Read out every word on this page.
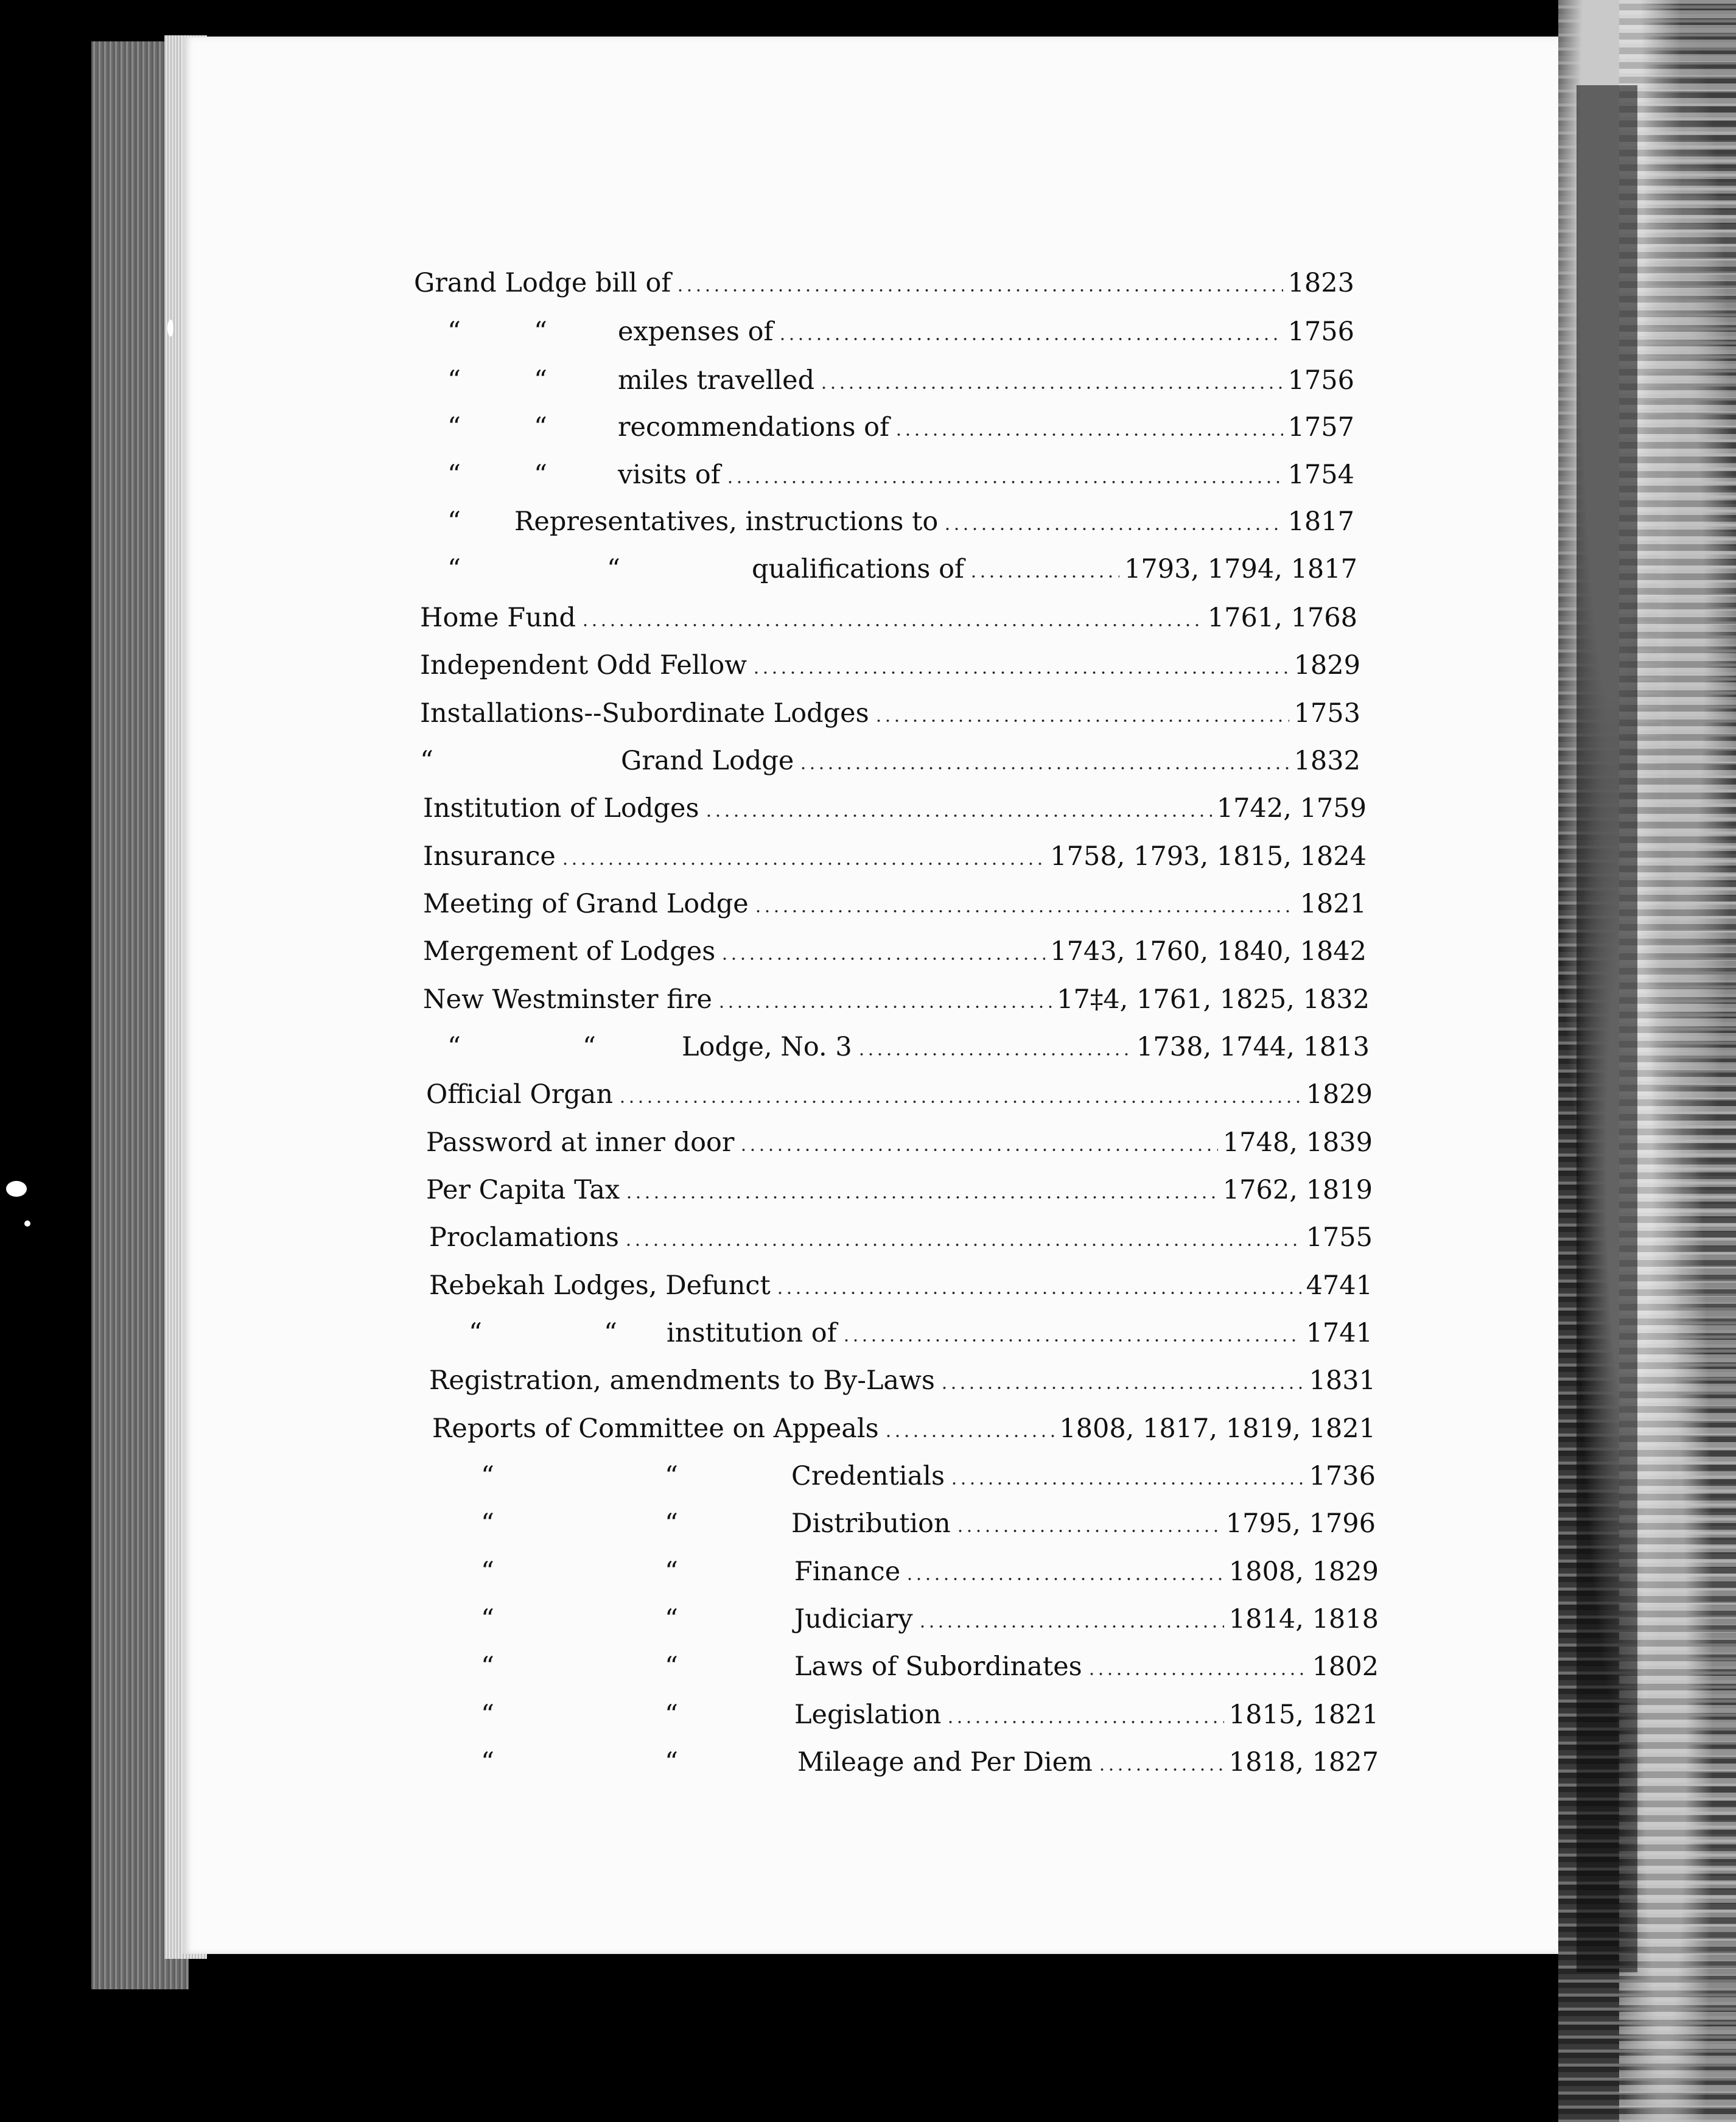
Grand Lodge bill of	1823
“	“	expenses of	1756
“	“	miles travelled	1756
“	“	recommendations of	1757
“	“	visits of	1754
“ Representatives, instructions to	1817
“	“	qualifications of	1793, 1794, 1817
Home Fund	1761, 1768
Independent Odd Fellow	1829
Installations--Subordinate Lodges	1753
“	Grand Lodge	1832
Institution of Lodges	1742, 1759
Insurance	1758, 1793, 1815, 1824
Meeting of Grand Lodge	1821
Mergement of Lodges	1743, 1760, 1840, 1842
New Westminster fire	17‡4, 1761, 1825, 1832
“	“	Lodge, No. 3	1738, 1744, 1813
Official Organ	1829
Password at inner door	1748, 1839
Per Capita Tax	1762, 1819
Proclamations	1755
Rebekah Lodges, Defunct	4741
“	“ institution of	1741
Registration, amendments to By-Laws	1831
Reports of Committee on Appeals	1808, 1817, 1819, 1821
“	“	Credentials	1736
“	“	Distribution	1795, 1796
“	“	Finance	1808, 1829
“	“	Judiciary	1814, 1818
“	“	Laws of Subordinates	1802
“	“	Legislation	1815, 1821
“	“	Mileage and Per Diem	1818, 1827
